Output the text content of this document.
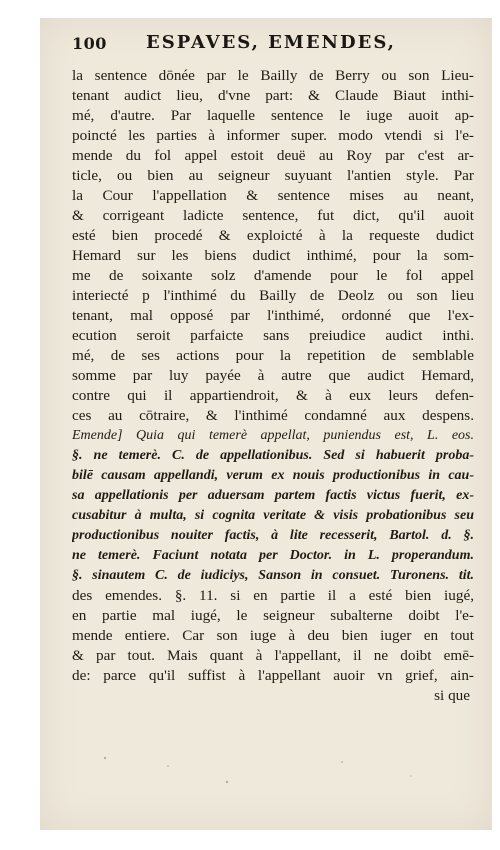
100 ESPAVES, EMENDES,
la sentence dōnée par le Bailly de Berry ou son Lieu-
tenant audict lieu, d'vne part: & Claude Biaut inthi-
mé, d'autre. Par laquelle sentence le iuge auoit ap-
poincté les parties à informer super. modo vtendi si l'e-
mende du fol appel estoit deuë au Roy par c'est ar-
ticle, ou bien au seigneur suyuant l'antien style. Par
la Cour l'appellation & sentence mises au neant,
& corrigeant ladicte sentence, fut dict, qu'il auoit
esté bien procedé & exploicté à la requeste dudict
Hemard sur les biens dudict inthimé, pour la som-
me de soixante solz d'amende pour le fol appel
interiecté p l'inthimé du Bailly de Deolz ou son lieu
tenant, mal opposé par l'inthimé, ordonné que l'ex-
ecution seroit parfaicte sans preiudice audict inthi.
mé, de ses actions pour la repetition de semblable
somme par luy payée à autre que audict Hemard,
contre qui il appartiendroit, & à eux leurs defen-
ces au cōtraire, & l'inthimé condamné aux despens.
Emende] Quia qui temerè appellat, puniendus est, L. eos.
§. ne temerè. C. de appellationibus. Sed si habuerit proba-
bilē causam appellandi, verum ex nouis productionibus in cau-
sa appellationis per aduersam partem factis victus fuerit, ex-
cusabitur à multa, si cognita veritate & visis probationibus seu
productionibus nouiter factis, à lite recesserit, Bartol. d. §.
ne temerè. Faciunt notata per Doctor. in L. properandum.
§. sinautem C. de iudiciys, Sanson in consuet. Turonens. tit.
des emendes. §. 11. si en partie il a esté bien iugé,
en partie mal iugé, le seigneur subalterne doibt l'e-
mende entiere. Car son iuge à deu bien iuger en tout
& par tout. Mais quant à l'appellant, il ne doibt emē-
de: parce qu'il suffist à l'appellant auoir vn grief, ain-
si que
